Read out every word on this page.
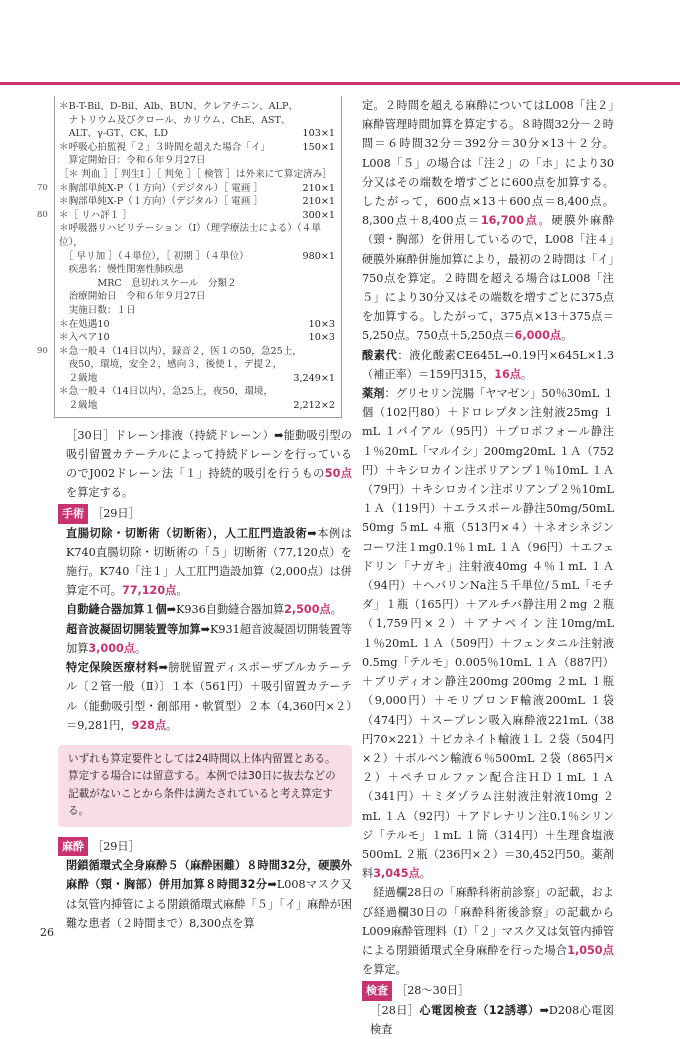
＊B-T-Bil、D-Bil、Alb、BUN、クレアチニン、ALP、
　ナトリウム及びクロール、カリウム、ChE、AST、
　ALT、γ-GT、CK、LD	103×1
＊呼吸心拍監視「２」３時間を超えた場合「イ」	150×1
　算定開始日：令和６年９月27日
［＊ 判血 ］［ 判生Ⅰ ］［ 判免 ］［ 検管 ］は外来にて算定済み］
＊胸部単純X-P（１方向）（デジタル）［ 電画 ］	210×1
70
＊胸部単純X-P（１方向）（デジタル）［ 電画 ］	210×1
＊［ リハ評１ ］	300×1
80
＊呼吸器リハビリテーション（Ⅰ）（理学療法士による）（４単位），
　［ 早リ加 ］（４単位），［ 初期 ］（４単位）	980×1
　疾患名：慢性閉塞性肺疾患
　　　　MRC　息切れスケール　分類２
　治療開始日　令和６年９月27日
　実施日数：１日
＊在処遇10	10×3
＊入ペア10	10×3
＊急一般４（14日以内），録音２，医１の50，急25上，
90
　夜50，環境，安全２，感向３，後使１，デ提２，
　２級地	3,249×1
＊急一般４（14日以内），急25上，夜50，環境，
　２級地	2,212×2

［30日］ドレーン排液（持続ドレーン）➡能動吸引型の吸引留置カテーテルによって持続ドレーンを行っているのでJ002ドレーン法「１」持続的吸引を行うもの50点を算定する。

手術 ［29日］

直腸切除・切断術（切断術），人工肛門造設術➡本例はK740直腸切除・切断術の「５」切断術（77,120点）を施行。K740「注１」人工肛門造設加算（2,000点）は併算定不可。77,120点。

自動縫合器加算１個➡K936自動縫合器加算2,500点。

超音波凝固切開装置等加算➡K931超音波凝固切開装置等加算3,000点。

特定保険医療材料➡膀胱留置ディスポーザブルカテーテル〔２管一般（Ⅱ）〕１本（561円）＋吸引留置カテーテル（能動吸引型・創部用・軟質型）２本（4,360円×２）＝9,281円，928点。

いずれも算定要件としては24時間以上体内留置とある。算定する場合には留意する。本例では30日に抜去などの記載がないことから条件は満たされていると考え算定する。
麻酔 ［29日］

閉鎖循環式全身麻酔５（麻酔困難）８時間32分，硬膜外麻酔（頸・胸部）併用加算８時間32分➡L008マスク又は気管内挿管による閉鎖循環式麻酔「５」「イ」麻酔が困難な患者（２時間まで）8,300点を算

定。２時間を超える麻酔についてはL008「注２」麻酔管理時間加算を算定する。８時間32分－２時間＝６時間32分＝392分＝30分×13＋２分。L008「５」の場合は「注２」の「ホ」により30分又はその端数を増すごとに600点を加算する。したがって，600点×13＋600点＝8,400点。8,300点＋8,400点＝16,700点。硬膜外麻酔（頸・胸部）を併用しているので，L008「注４」硬膜外麻酔併施加算により，最初の２時間は「イ」750点を算定。２時間を超える場合はL008「注５」により30分又はその端数を増すごとに375点を加算する。したがって，375点×13＋375点＝5,250点。750点＋5,250点＝6,000点。

酸素代：液化酸素CE645L→0.19円×645L×1.3（補正率）＝159円315，16点。

薬剤：グリセリン浣腸「ヤマゼン」50％30mL １個（102円80）＋ドロレプタン注射液25mg １mL １バイアル（95円）＋プロポフォール静注１％20mL「マルイシ」200mg20mL １Ａ（752円）＋キシロカイン注ポリアンプ１％10mL １Ａ（79円）＋キシロカイン注ポリアンプ２％10mL １Ａ（119円）＋エラスポール静注50mg/50mL 50mg ５mL ４瓶（513円×４）＋ネオシネジンコーワ注１mg0.1％１mL １Ａ（96円）＋エフェドリン「ナガキ」注射液40mg ４％１mL １Ａ（94円）＋ヘパリンNa注５千単位/５mL「モチダ」１瓶（165円）＋アルチバ静注用２mg ２瓶（1,759円×２）＋アナペイン注10mg/mL １％20mL １Ａ（509円）＋フェンタニル注射液0.5mg「テルモ」0.005％10mL １Ａ（887円）＋ブリディオン静注200mg 200mg ２mL １瓶（9,000円）＋モリプロンF輸液200mL １袋（474円）＋スープレン吸入麻酔液221mL（38円70×221）＋ビカネイト輸液１Ｌ ２袋（504円×２）＋ボルベン輸液６％500mL ２袋（865円×２）＋ペチロルファン配合注ＨＤ１mL １Ａ（341円）＋ミダゾラム注射液注射液10mg ２mL １Ａ（92円）＋アドレナリン注0.1％シリンジ「テルモ」１mL １筒（314円）＋生理食塩液500mL ２瓶（236円×２）＝30,452円50。薬剤料3,045点。

経過欄28日の「麻酔科術前診察」の記載，および経過欄30日の「麻酔科術後診察」の記載からL009麻酔管理料（Ⅰ）「２」マスク又は気管内挿管による閉鎖循環式全身麻酔を行った場合1,050点を算定。

検査 ［28〜30日］

［28日］心電図検査（12誘導）➡D208心電図検査

26
